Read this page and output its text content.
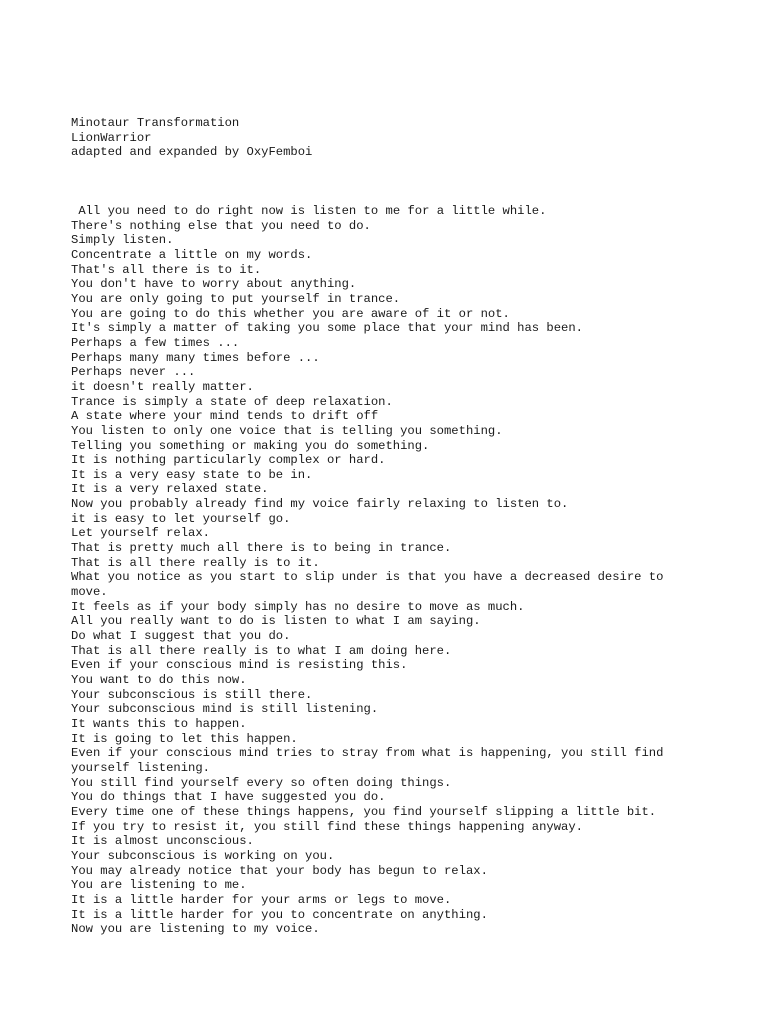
Minotaur Transformation

LionWarrior

adapted and expanded by OxyFemboi

All you need to do right now is listen to me for a little while.

There's nothing else that you need to do.

Simply listen.

Concentrate a little on my words.

That's all there is to it.

You don't have to worry about anything.

You are only going to put yourself in trance.

You are going to do this whether you are aware of it or not.

It's simply a matter of taking you some place that your mind has been.

Perhaps a few times ...

Perhaps many many times before ...

Perhaps never ...

it doesn't really matter.

Trance is simply a state of deep relaxation.

A state where your mind tends to drift off

You listen to only one voice that is telling you something.

Telling you something or making you do something.

It is nothing particularly complex or hard.

It is a very easy state to be in.

It is a very relaxed state.

Now you probably already find my voice fairly relaxing to listen to.

it is easy to let yourself go.

Let yourself relax.

That is pretty much all there is to being in trance.

That is all there really is to it.

What you notice as you start to slip under is that you have a decreased desire to move.

It feels as if your body simply has no desire to move as much.

All you really want to do is listen to what I am saying.

Do what I suggest that you do.

That is all there really is to what I am doing here.

Even if your conscious mind is resisting this.

You want to do this now.

Your subconscious is still there.

Your subconscious mind is still listening.

It wants this to happen.

It is going to let this happen.

Even if your conscious mind tries to stray from what is happening, you still find yourself listening.

You still find yourself every so often doing things.

You do things that I have suggested you do.

Every time one of these things happens, you find yourself slipping a little bit.

If you try to resist it, you still find these things happening anyway.

It is almost unconscious.

Your subconscious is working on you.

You may already notice that your body has begun to relax.

You are listening to me.

It is a little harder for your arms or legs to move.

It is a little harder for you to concentrate on anything.

Now you are listening to my voice.
